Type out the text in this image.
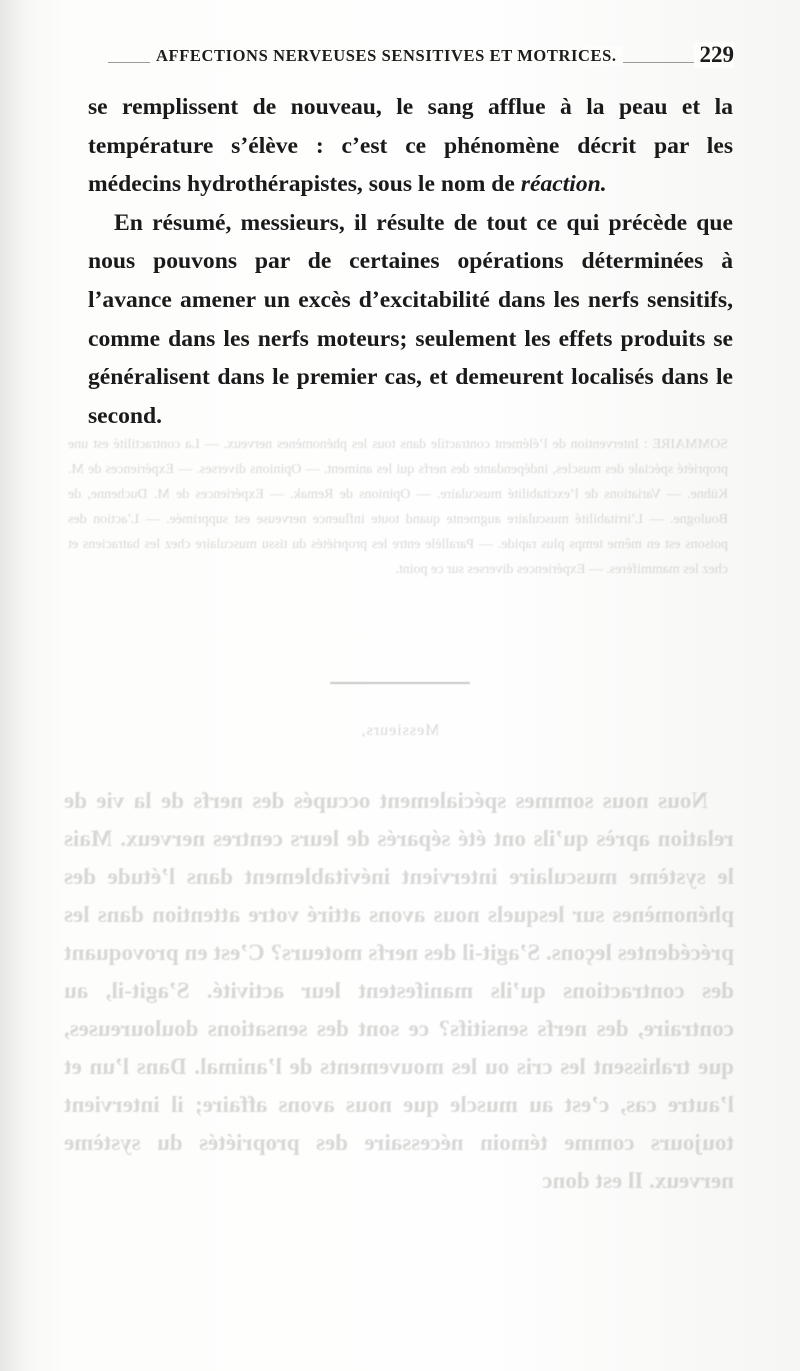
SOMMAIRE : Intervention de l’élément contractile dans tous les phénomènes nerveux. — La contractilité est une propriété spéciale des muscles, indépendante des nerfs qui les animent. — Opinions diverses. — Expériences de M. Kühne. — Variations de l’excitabilité musculaire. — Opinions de Remak. — Expériences de M. Duchenne, de Boulogne. — L’irritabilité musculaire augmente quand toute influence nerveuse est supprimée. — L’action des poisons est en même temps plus rapide. — Parallèle entre les propriétés du tissu musculaire chez les batraciens et chez les mammifères. — Expériences diverses sur ce point.
Messieurs,

Nous nous sommes spécialement occupés des nerfs de la vie de relation après qu’ils ont été séparés de leurs centres nerveux. Mais le système musculaire intervient inévitablement dans l’étude des phénomènes sur lesquels nous avons attiré votre attention dans les précédentes leçons. S’agit-il des nerfs moteurs? C’est en provoquant des contractions qu’ils manifestent leur activité. S’agit-il, au contraire, des nerfs sensitifs? ce sont des sensations douloureuses, que trahissent les cris ou les mouvements de l’animal. Dans l’un et l’autre cas, c’est au muscle que nous avons affaire; il intervient toujours comme témoin nécessaire des propriétés du système nerveux. Il est donc

AFFECTIONS NERVEUSES SENSITIVES ET MOTRICES.	229

se remplissent de nouveau, le sang afflue à la peau et la température s’élève : c’est ce phénomène décrit par les médecins hydrothérapistes, sous le nom de réaction.

En résumé, messieurs, il résulte de tout ce qui précède que nous pouvons par de certaines opérations déterminées à l’avance amener un excès d’excitabilité dans les nerfs sensitifs, comme dans les nerfs moteurs; seulement les effets produits se généralisent dans le premier cas, et demeurent localisés dans le second.
